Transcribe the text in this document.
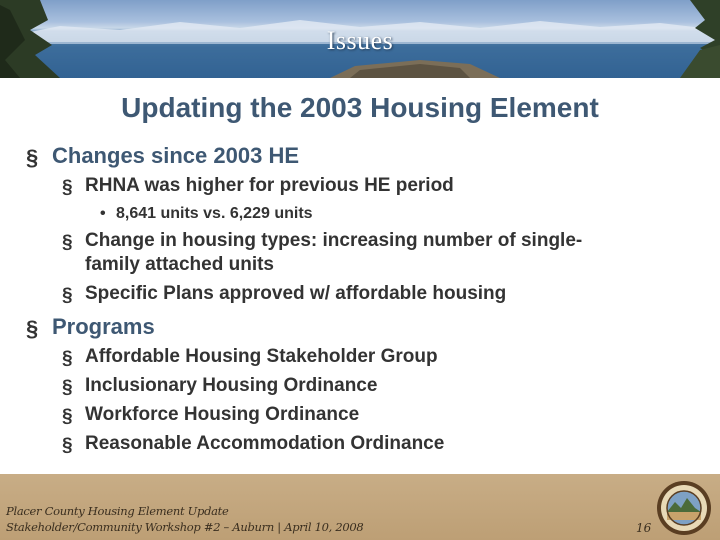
Issues
Updating the 2003 Housing Element
§ Changes since 2003 HE
§ RHNA was higher for previous HE period
• 8,641 units vs. 6,229 units
§ Change in housing types: increasing number of single-
family attached units
§ Specific Plans approved w/ affordable housing
§ Programs
§ Affordable Housing Stakeholder Group
§ Inclusionary Housing Ordinance
§ Workforce Housing Ordinance
§ Reasonable Accommodation Ordinance
Placer County Housing Element Update
Stakeholder/Community Workshop #2 – Auburn | April 10, 2008	16
